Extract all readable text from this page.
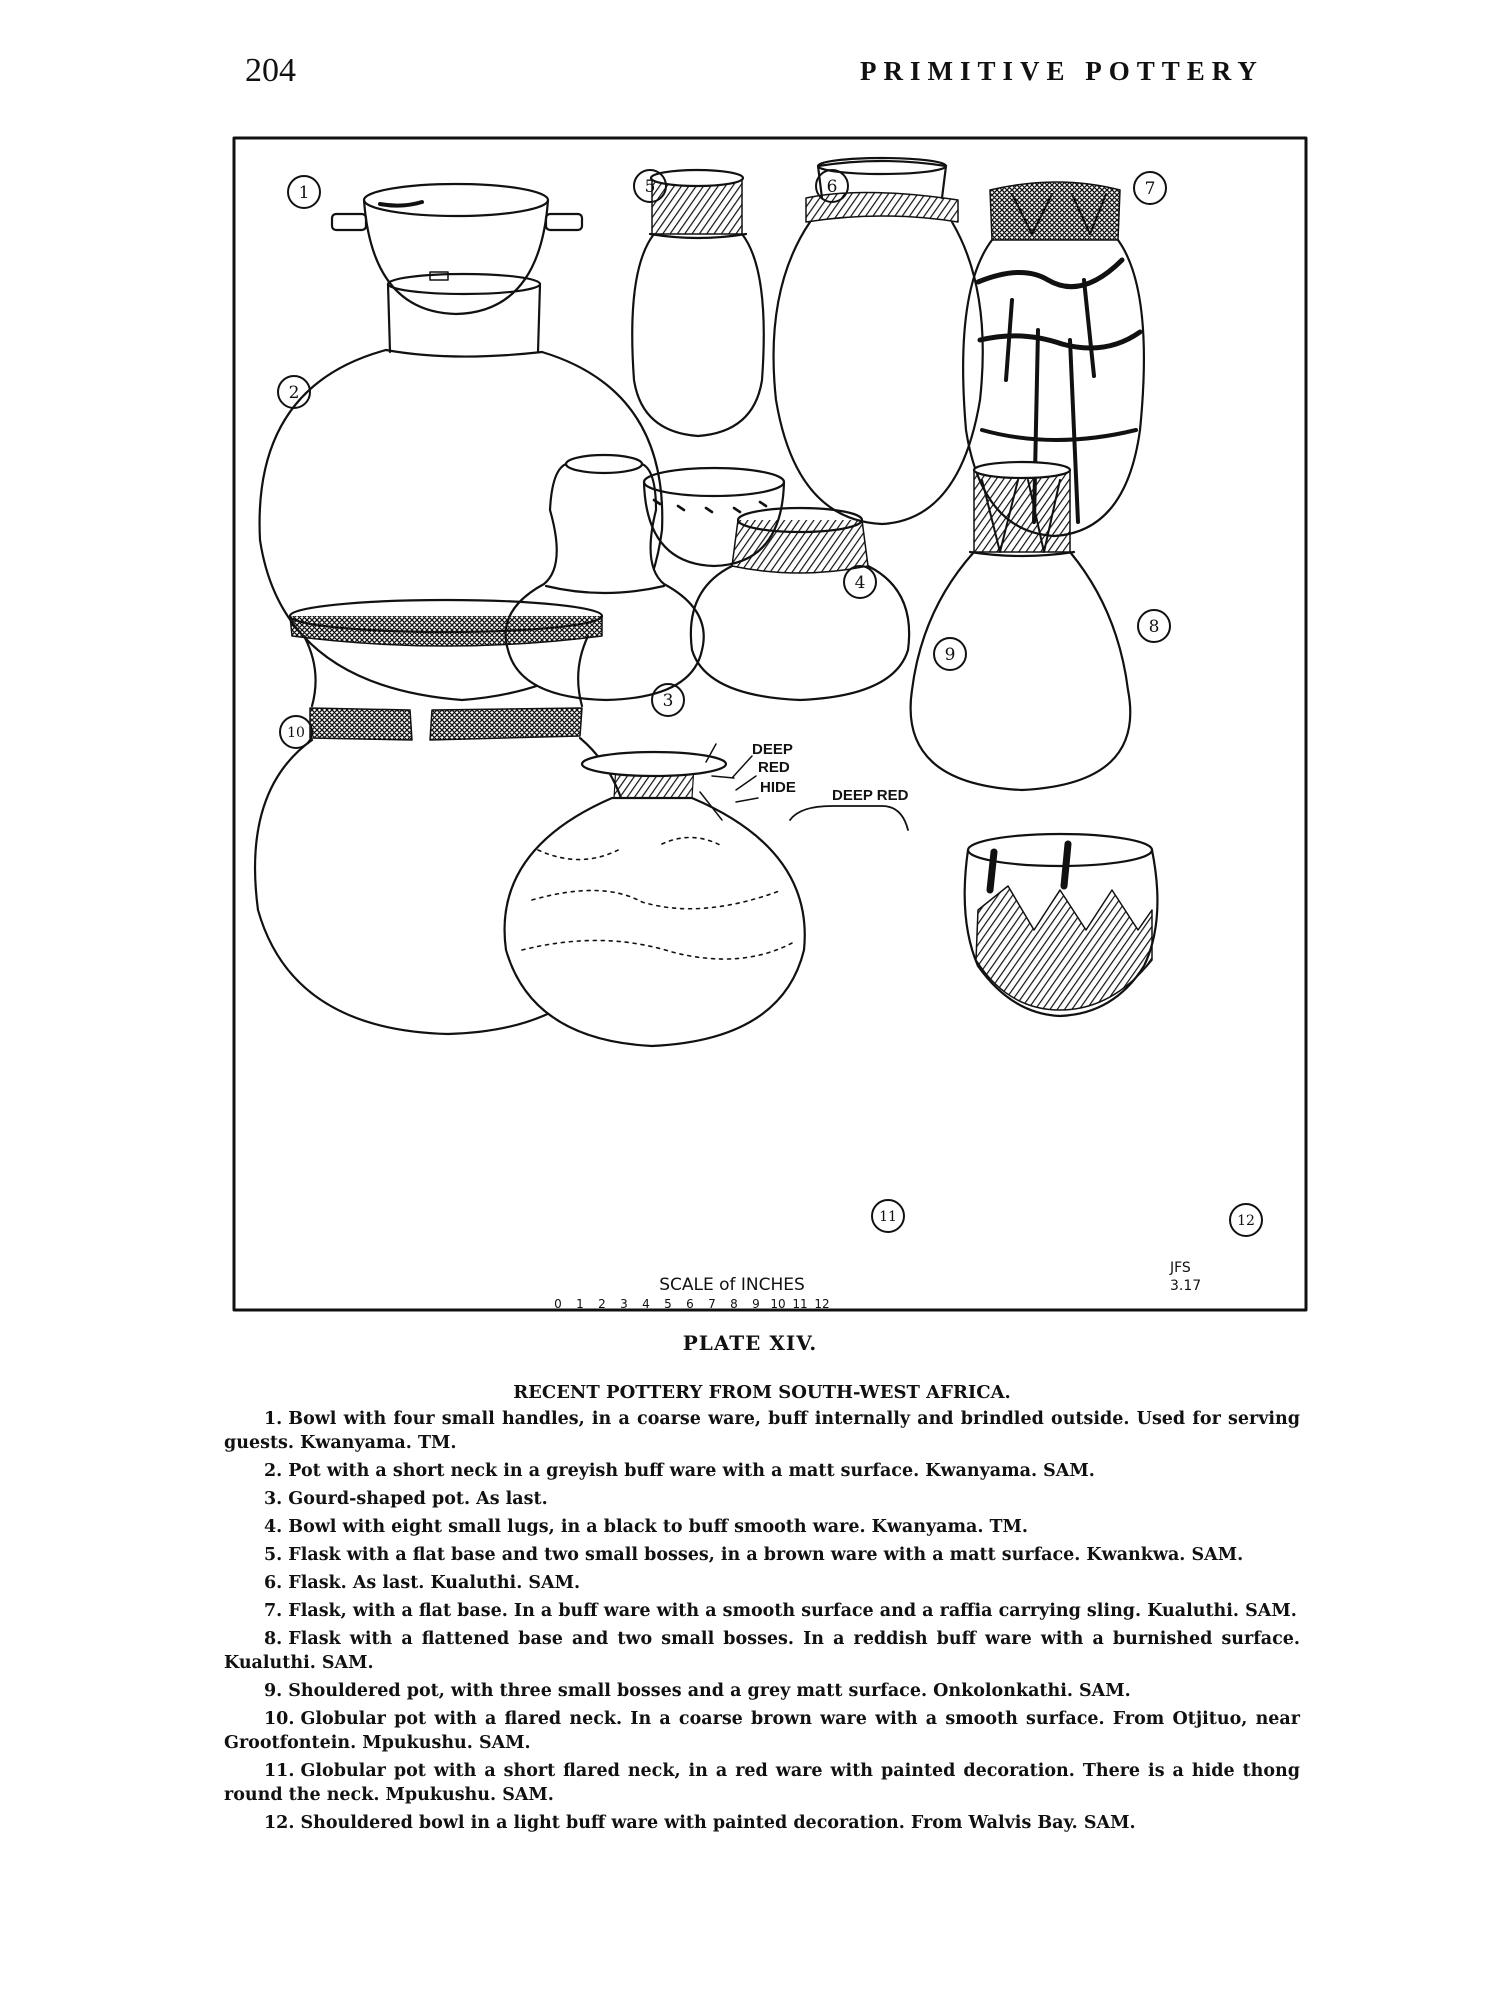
204	PRIMITIVE POTTERY
1
2
3
4
5	6	7
8
9
10
11	12
DEEP
RED
HIDE DEEP RED
SCALE of INCHES
0 1 2 3 4 5 6 7 8 9 10 11 12
JFS
3.17
PLATE XIV.
RECENT POTTERY FROM SOUTH-WEST AFRICA.

1. Bowl with four small handles, in a coarse ware, buff internally and brindled outside. Used for serving guests. Kwanyama. TM.

2. Pot with a short neck in a greyish buff ware with a matt surface. Kwanyama. SAM.

3. Gourd-shaped pot. As last.

4. Bowl with eight small lugs, in a black to buff smooth ware. Kwanyama. TM.

5. Flask with a flat base and two small bosses, in a brown ware with a matt surface. Kwankwa. SAM.

6. Flask. As last. Kualuthi. SAM.

7. Flask, with a flat base. In a buff ware with a smooth surface and a raffia carrying sling. Kualuthi. SAM.

8. Flask with a flattened base and two small bosses. In a reddish buff ware with a burnished surface. Kualuthi. SAM.

9. Shouldered pot, with three small bosses and a grey matt surface. Onkolonkathi. SAM.

10. Globular pot with a flared neck. In a coarse brown ware with a smooth surface. From Otjituo, near Grootfontein. Mpukushu. SAM.

11. Globular pot with a short flared neck, in a red ware with painted decoration. There is a hide thong round the neck. Mpukushu. SAM.

12. Shouldered bowl in a light buff ware with painted decoration. From Walvis Bay. SAM.
